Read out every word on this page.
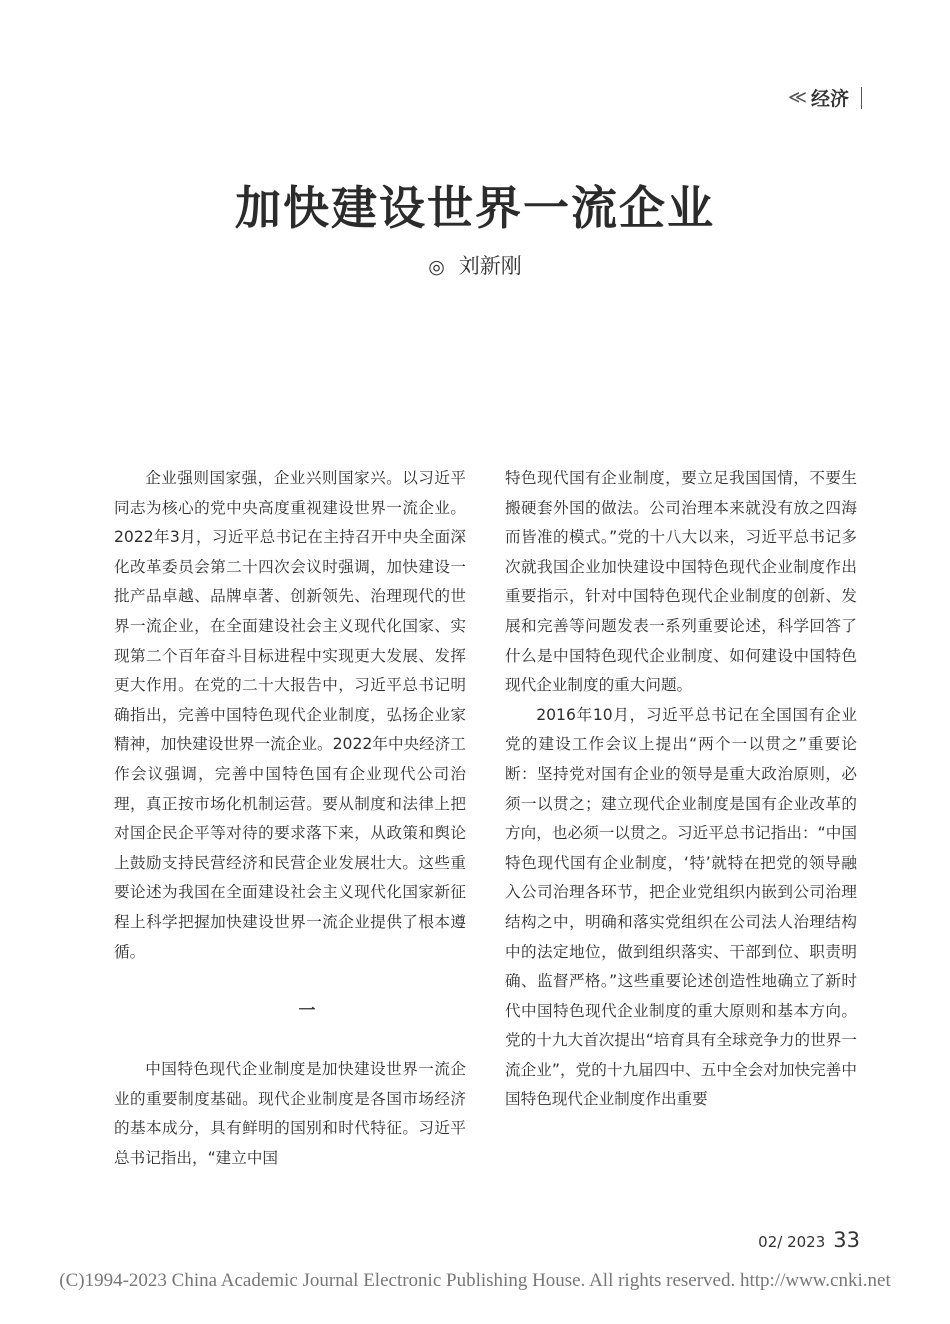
≪ 经济
加快建设世界一流企业
◎ 刘新刚

企业强则国家强，企业兴则国家兴。以习近平同志为核心的党中央高度重视建设世界一流企业。2022年3月，习近平总书记在主持召开中央全面深化改革委员会第二十四次会议时强调，加快建设一批产品卓越、品牌卓著、创新领先、治理现代的世界一流企业，在全面建设社会主义现代化国家、实现第二个百年奋斗目标进程中实现更大发展、发挥更大作用。在党的二十大报告中，习近平总书记明确指出，完善中国特色现代企业制度，弘扬企业家精神，加快建设世界一流企业。2022年中央经济工作会议强调，完善中国特色国有企业现代公司治理，真正按市场化机制运营。要从制度和法律上把对国企民企平等对待的要求落下来，从政策和舆论上鼓励支持民营经济和民营企业发展壮大。这些重要论述为我国在全面建设社会主义现代化国家新征程上科学把握加快建设世界一流企业提供了根本遵循。

一

中国特色现代企业制度是加快建设世界一流企业的重要制度基础。现代企业制度是各国市场经济的基本成分，具有鲜明的国别和时代特征。习近平总书记指出，“建立中国

特色现代国有企业制度，要立足我国国情，不要生搬硬套外国的做法。公司治理本来就没有放之四海而皆准的模式。”党的十八大以来，习近平总书记多次就我国企业加快建设中国特色现代企业制度作出重要指示，针对中国特色现代企业制度的创新、发展和完善等问题发表一系列重要论述，科学回答了什么是中国特色现代企业制度、如何建设中国特色现代企业制度的重大问题。

2016年10月，习近平总书记在全国国有企业党的建设工作会议上提出“两个一以贯之”重要论断：坚持党对国有企业的领导是重大政治原则，必须一以贯之；建立现代企业制度是国有企业改革的方向，也必须一以贯之。习近平总书记指出：“中国特色现代国有企业制度，‘特’就特在把党的领导融入公司治理各环节，把企业党组织内嵌到公司治理结构之中，明确和落实党组织在公司法人治理结构中的法定地位，做到组织落实、干部到位、职责明确、监督严格。”这些重要论述创造性地确立了新时代中国特色现代企业制度的重大原则和基本方向。党的十九大首次提出“培育具有全球竞争力的世界一流企业”，党的十九届四中、五中全会对加快完善中国特色现代企业制度作出重要

02/ 2023 33
(C)1994-2023 China Academic Journal Electronic Publishing House. All rights reserved. http://www.cnki.net
